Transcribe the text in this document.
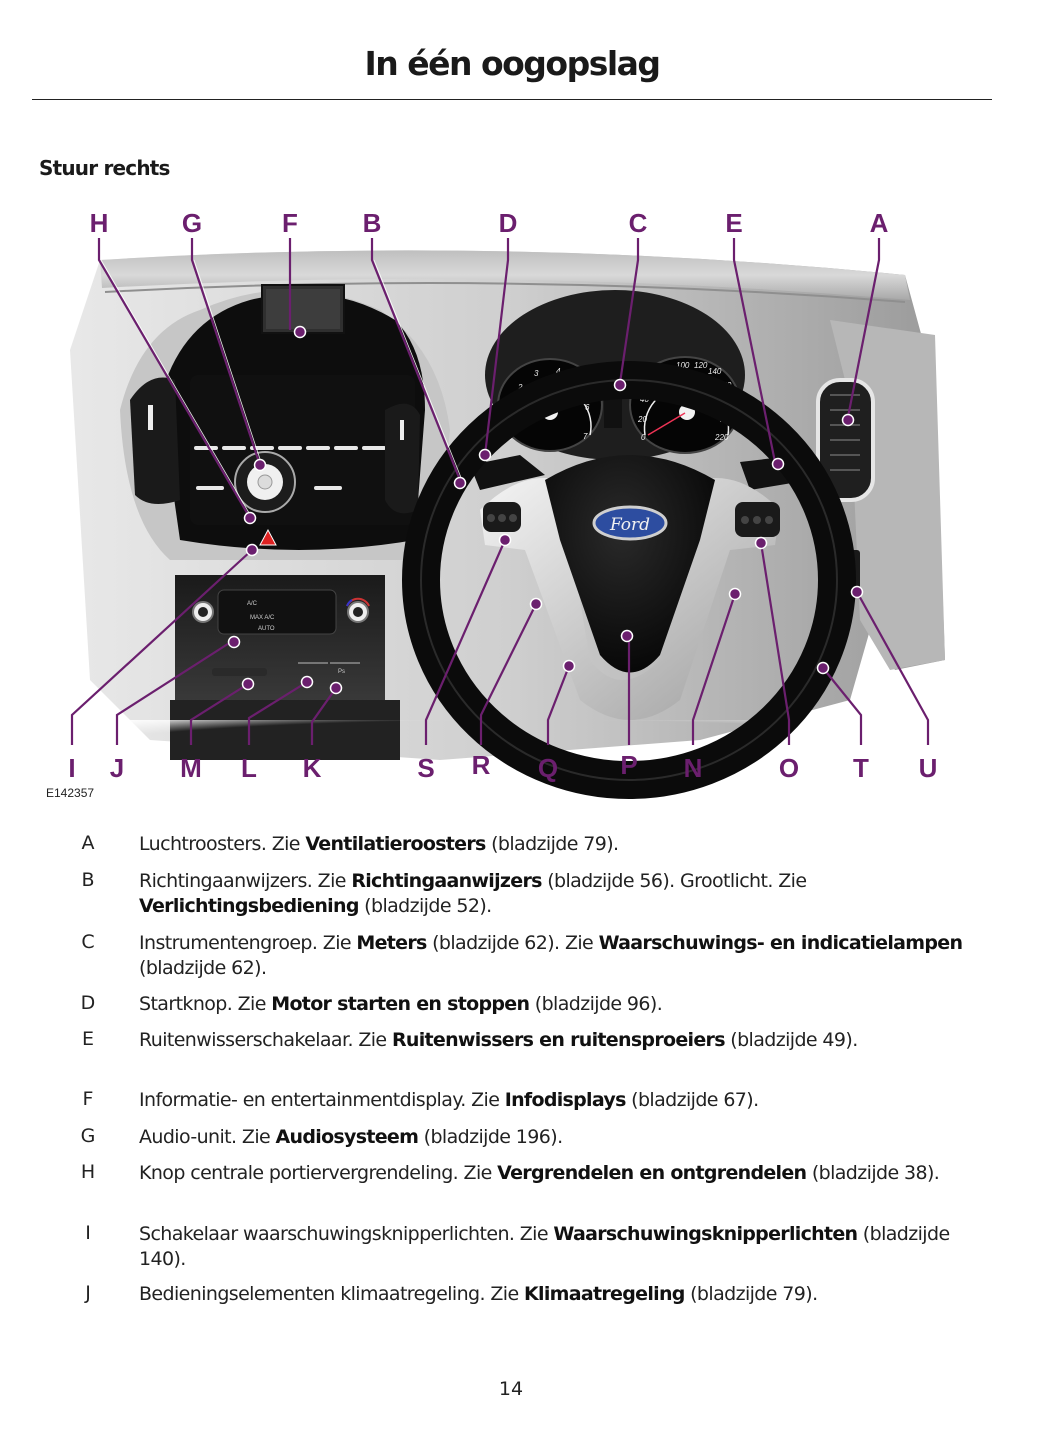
In één oogopslag
Stuur rechts
A/C
MAX A/C
AUTO
Ps
0
1
2
3 4
5
6
7	0
20
40
60
80
100 120
140
160
180
200
220
Ford
H	G	F B	D	C	E	A
I J M L K	S R Q P N	O T U
E142357
A Luchtroosters. Zie Ventilatieroosters (bladzijde 79).
B Richtingaanwijzers. Zie Richtingaanwijzers (bladzijde 56). Grootlicht. Zie Verlichtingsbediening (bladzijde 52).
C Instrumentengroep. Zie Meters (bladzijde 62). Zie Waarschuwings- en indicatielampen (bladzijde 62).
D Startknop. Zie Motor starten en stoppen (bladzijde 96).
E Ruitenwisserschakelaar. Zie Ruitenwissers en ruitensproeiers (bladzijde 49).
F Informatie- en entertainmentdisplay. Zie Infodisplays (bladzijde 67).
G Audio-unit. Zie Audiosysteem (bladzijde 196).
H Knop centrale portiervergrendeling. Zie Vergrendelen en ontgrendelen (bladzijde 38).
I	Schakelaar waarschuwingsknipperlichten. Zie Waarschuwingsknipperlichten (bladzijde 140).
J	Bedieningselementen klimaatregeling. Zie Klimaatregeling (bladzijde 79).
14
